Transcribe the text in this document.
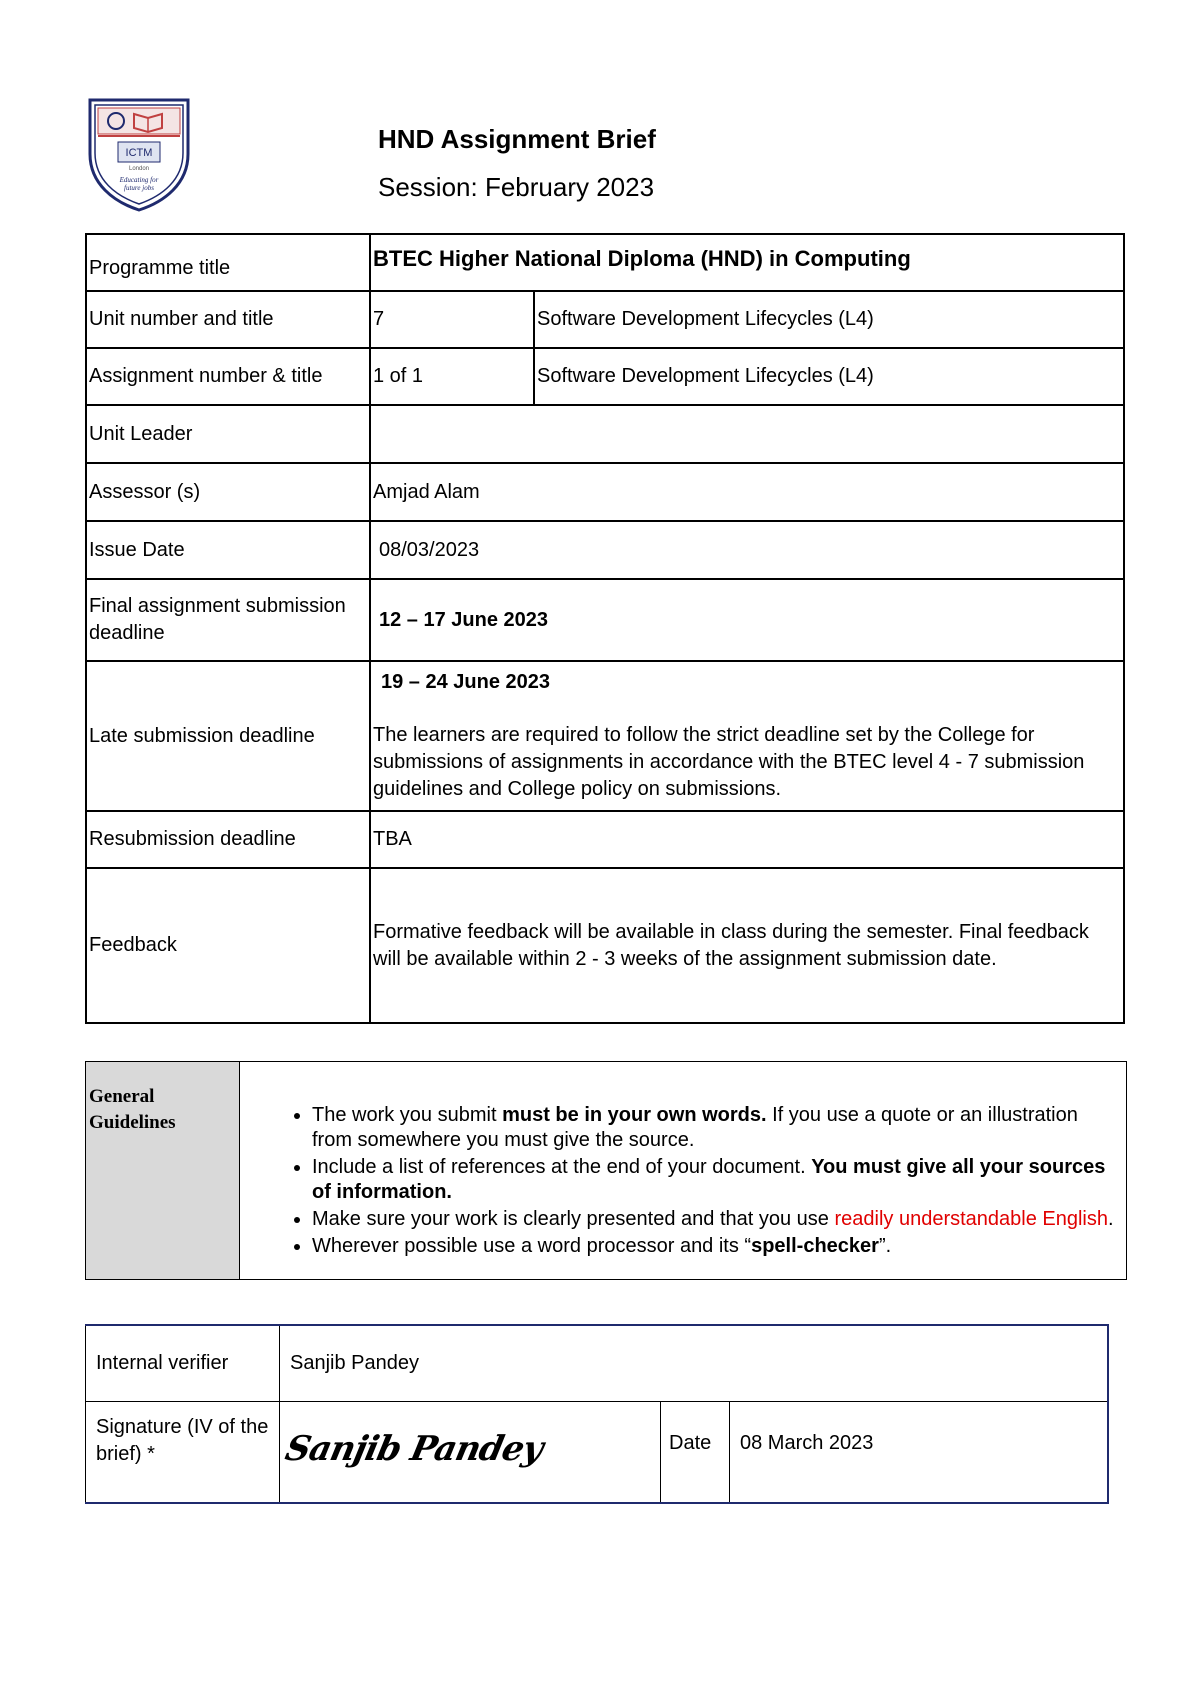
ICTM
London
Educating for
future jobs
HND Assignment Brief
Session: February 2023
Programme title	BTEC Higher National Diploma (HND) in Computing	
Unit number and title	7	Software Development Lifecycles (L4)
Assignment number & title	1 of 1	Software Development Lifecycles (L4)
Unit Leader		
Assessor (s)	Amjad Alam	
Issue Date	08/03/2023	
Final assignment submission deadline	12 – 17 June 2023	
Late submission deadline	19 – 24 June 2023
The learners are required to follow the strict deadline set by the College for submissions of assignments in accordance with the BTEC level 4 - 7 submission guidelines and College policy on submissions.	

Resubmission deadline	TBA	
Feedback	Formative feedback will be available in class during the semester. Final feedback will be available within 2 - 3 weeks of the assignment submission date.	
General Guidelines	
•The work you submit must be in your own words. If you use a quote or an illustration from somewhere you must give the source.
• Include a list of references at the end of your document. You must give all your sources of information.
• Make sure your work is clearly presented and that you use readily understandable English.
• Wherever possible use a word processor and its “spell-checker”.
Internal verifier	Sanjib Pandey		
Signature (IV of the brief) *	Sanjib Pandey	Date	08 March 2023
